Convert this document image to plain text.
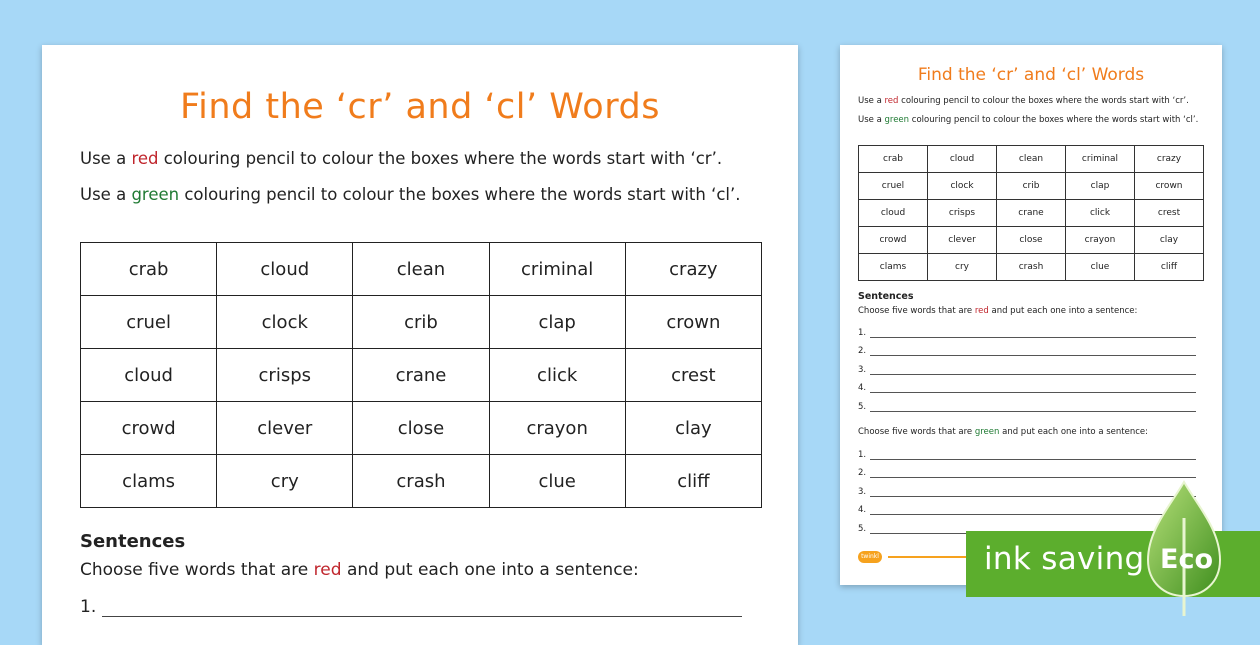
Find the ‘cr’ and ‘cl’ Words
Use a red colouring pencil to colour the boxes where the words start with ‘cr’.
Use a green colouring pencil to colour the boxes where the words start with ‘cl’.
crab	cloud	clean	criminal	crazy
cruel	clock	crib	clap	crown
cloud	crisps	crane	click	crest
crowd	clever	close	crayon	clay
clams	cry	crash	clue	cliff
Sentences
Choose five words that are red and put each one into a sentence:
1.
Find the ‘cr’ and ‘cl’ Words
Use a red colouring pencil to colour the boxes where the words start with ‘cr’.
Use a green colouring pencil to colour the boxes where the words start with ‘cl’.
crab	cloud	clean	criminal	crazy
cruel	clock	crib	clap	crown
cloud	crisps	crane	click	crest
crowd	clever	close	crayon	clay
clams	cry	crash	clue	cliff
Sentences
Choose five words that are red and put each one into a sentence:
1.
2.
3.
4.
5.
Choose five words that are green and put each one into a sentence:
1.
2.
3.
4.
5.
twinkl	ink saving Eco
